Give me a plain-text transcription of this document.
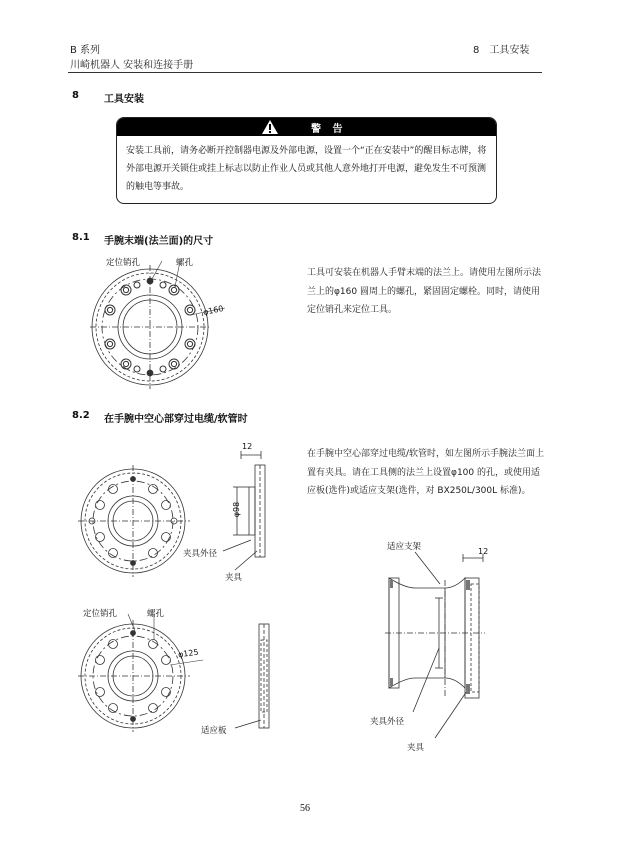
B 系列
川崎机器人 安装和连接手册
8　工具安装
8	工具安装
警 告
安装工具前，请务必断开控制器电源及外部电源，设置一个“正在安装中”的醒目标志牌，将外部电源开关锁住或挂上标志以防止作业人员或其他人意外地打开电源，避免发生不可预测的触电等事故。
8.1 手腕末端(法兰面)的尺寸
定位销孔	螺孔
φ160
工具可安装在机器人手臂末端的法兰上。请使用左图所示法兰上的φ160 圆周上的螺孔，紧固固定螺栓。同时，请使用定位销孔来定位工具。
8.2 在手腕中空心部穿过电缆/软管时
在手腕中空心部穿过电缆/软管时，如左图所示手腕法兰面上置有夹具。请在工具侧的法兰上设置φ100 的孔，或使用适应板(选件)或适应支架(选件，对 BX250L/300L 标准)。
12
φ98
夹具外径
夹具
定位销孔	螺孔
φ125
适应板
适应支架	12
夹具外径
夹具
56
